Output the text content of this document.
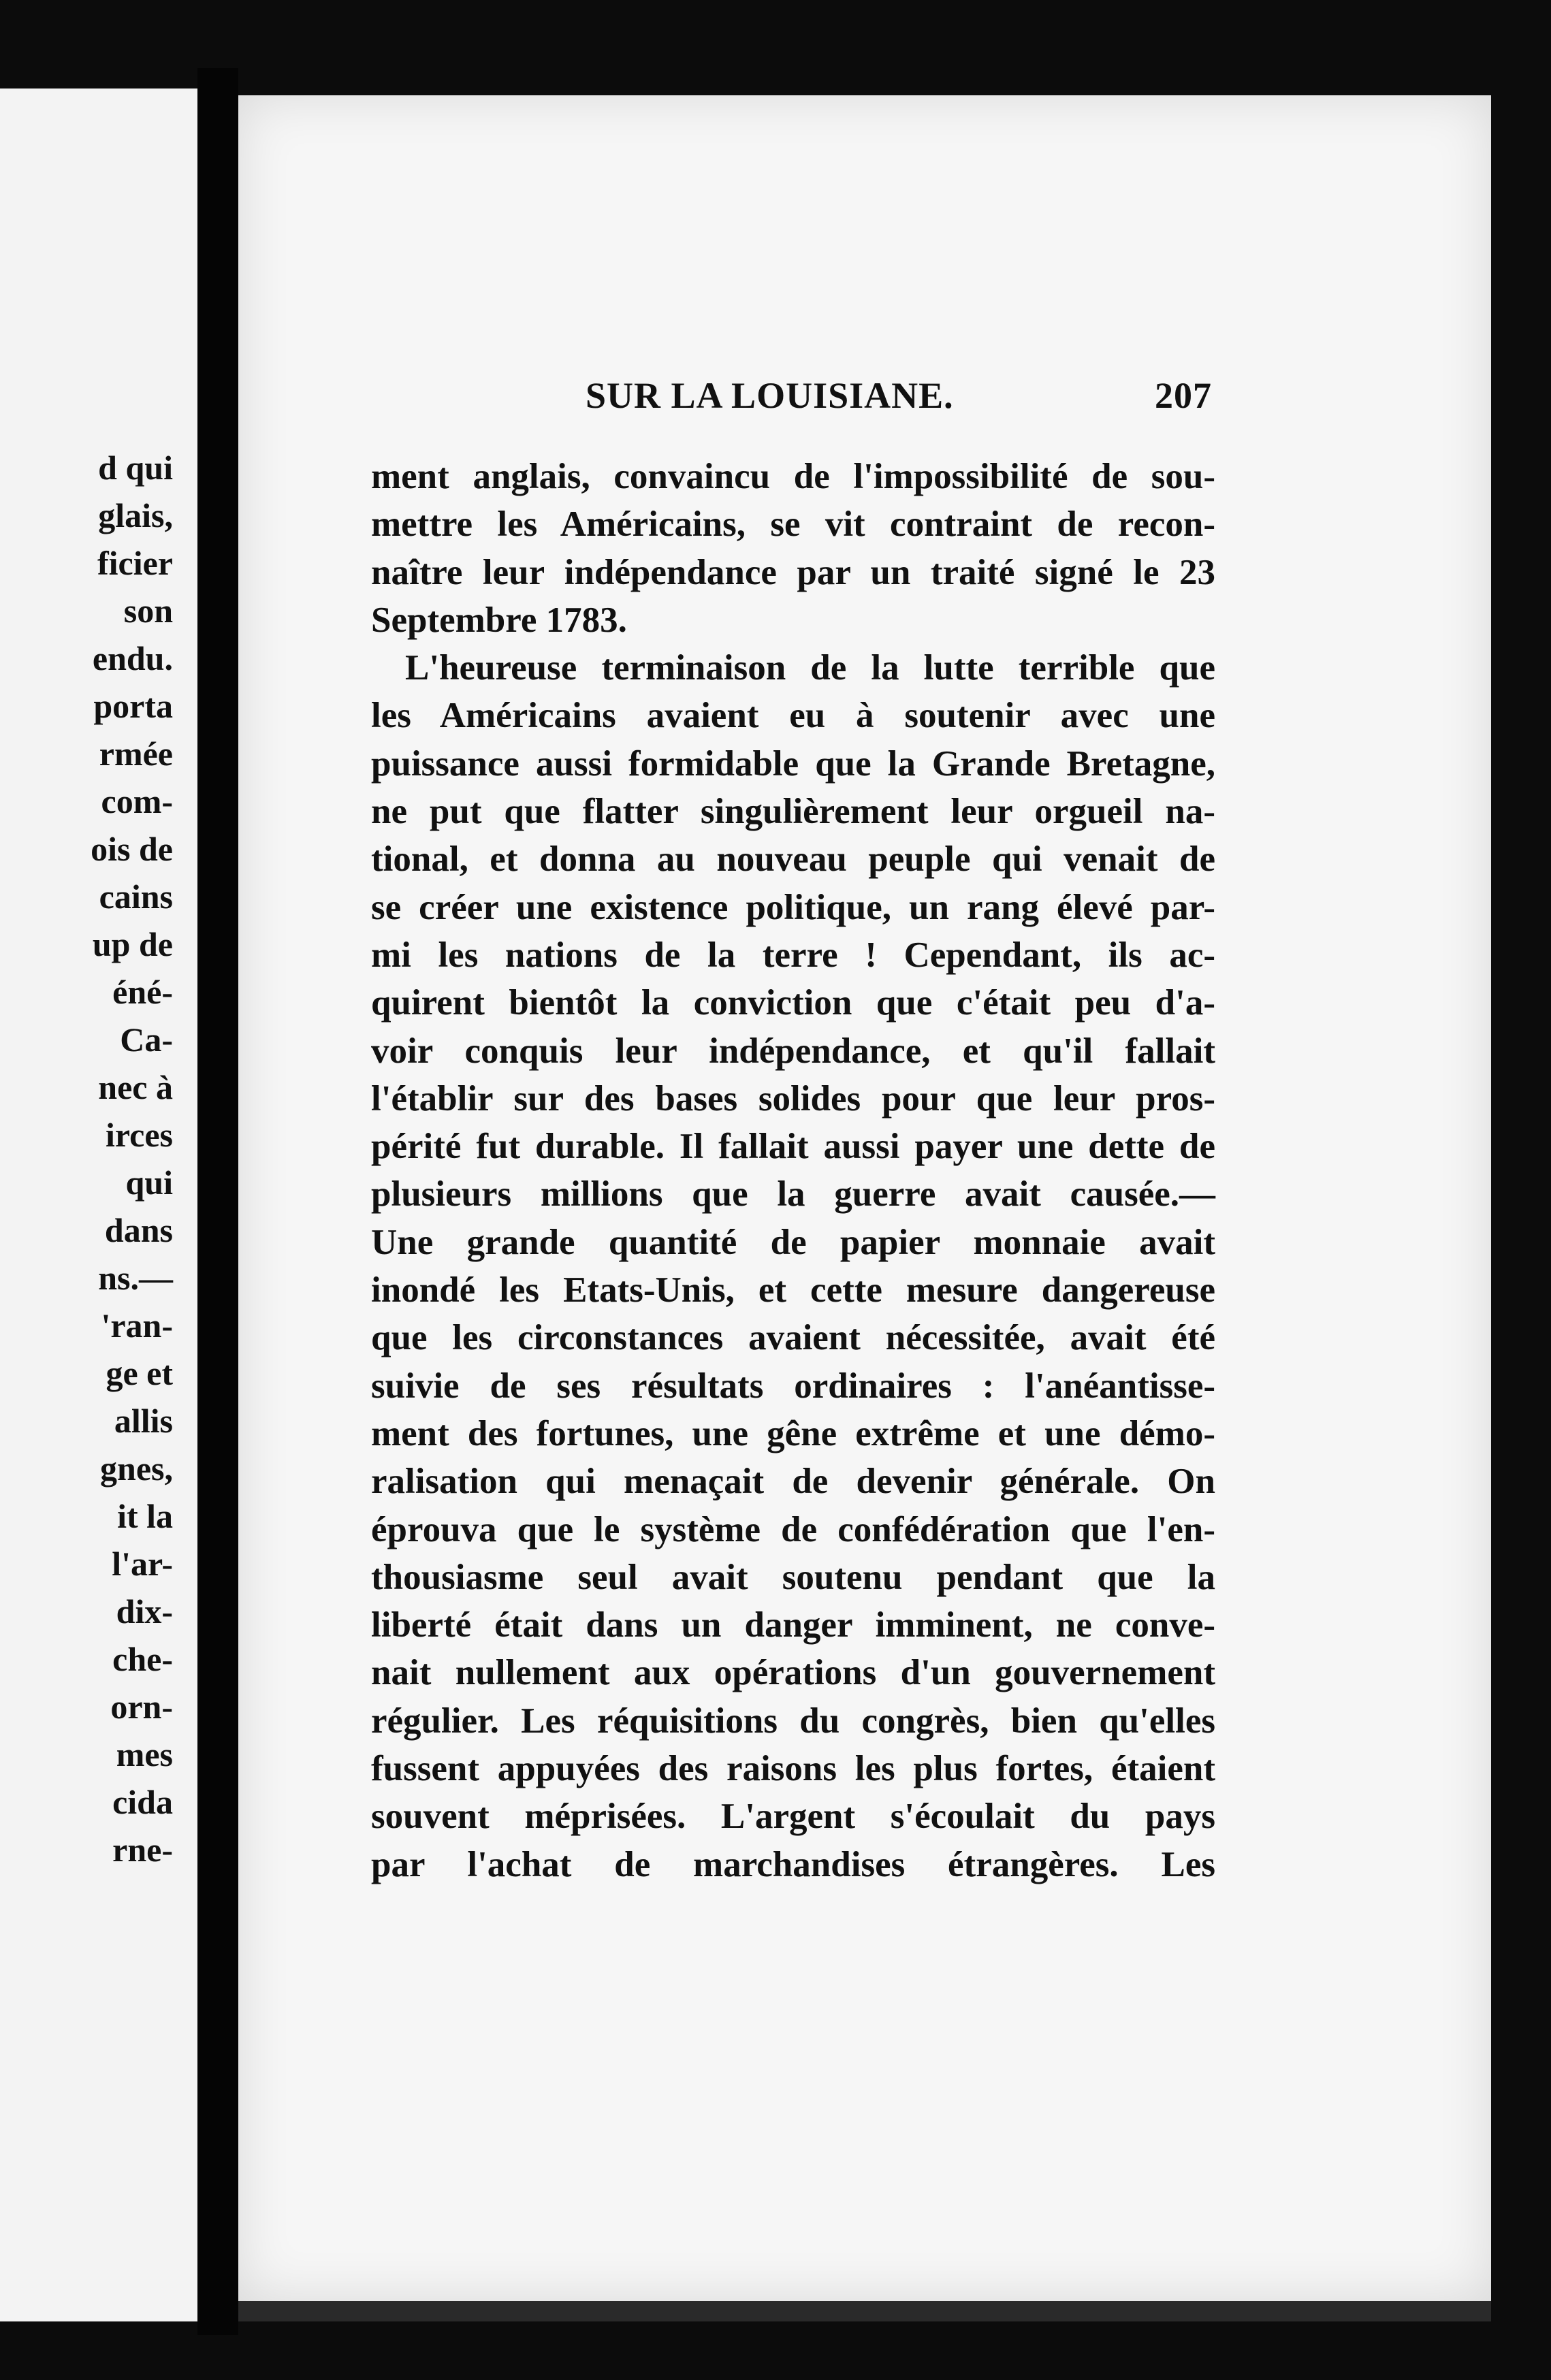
d qui
glais,
ficier
son
endu.
porta
rmée
com-
ois de
cains
up de
éné-
Ca-
nec à
irces
qui
dans
ns.—
'ran-
ge et
allis
gnes,
it la
l'ar-
dix-
che-
orn-
mes
cida
rne-
SUR LA LOUISIANE.	207
ment anglais, convaincu de l'impossibilité de sou-
mettre les Américains, se vit contraint de recon-
naître leur indépendance par un traité signé le 23
Septembre 1783.
L'heureuse terminaison de la lutte terrible que
les Américains avaient eu à soutenir avec une
puissance aussi formidable que la Grande Bretagne,
ne put que flatter singulièrement leur orgueil na-
tional, et donna au nouveau peuple qui venait de
se créer une existence politique, un rang élevé par-
mi les nations de la terre ! Cependant, ils ac-
quirent bientôt la conviction que c'était peu d'a-
voir conquis leur indépendance, et qu'il fallait
l'établir sur des bases solides pour que leur pros-
périté fut durable. Il fallait aussi payer une dette de
plusieurs millions que la guerre avait causée.—
Une grande quantité de papier monnaie avait
inondé les Etats-Unis, et cette mesure dangereuse
que les circonstances avaient nécessitée, avait été
suivie de ses résultats ordinaires : l'anéantisse-
ment des fortunes, une gêne extrême et une démo-
ralisation qui menaçait de devenir générale. On
éprouva que le système de confédération que l'en-
thousiasme seul avait soutenu pendant que la
liberté était dans un danger imminent, ne conve-
nait nullement aux opérations d'un gouvernement
régulier. Les réquisitions du congrès, bien qu'elles
fussent appuyées des raisons les plus fortes, étaient
souvent méprisées. L'argent s'écoulait du pays
par l'achat de marchandises étrangères. Les
